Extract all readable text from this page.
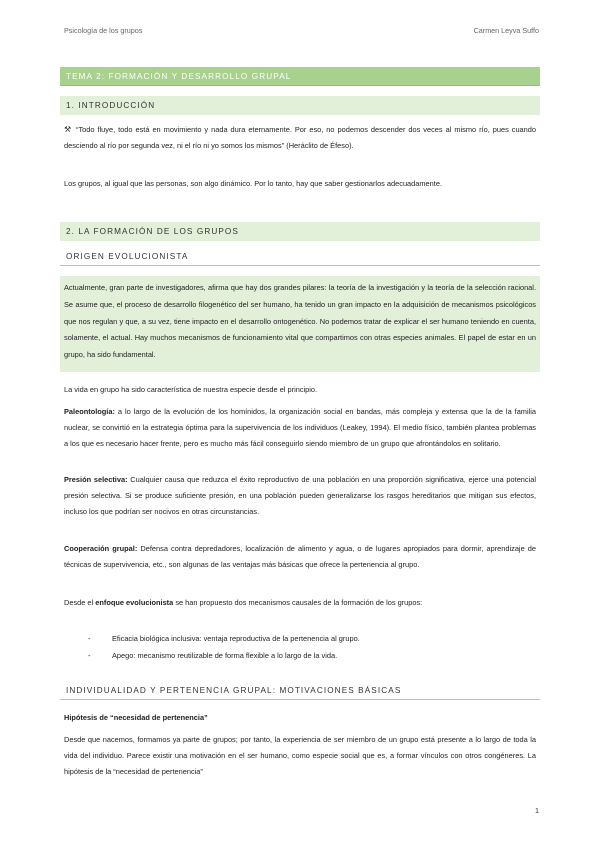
Psicología de los grupos	Carmen Leyva Suffo
TEMA 2: FORMACIÓN Y DESARROLLO GRUPAL
1. INTRODUCCIÓN

⚒ “Todo fluye, todo está en movimiento y nada dura eternamente. Por eso, no podemos descender dos veces al mismo río, pues cuando desciendo al río por segunda vez, ni el río ni yo somos los mismos” (Heráclito de Éfeso).

Los grupos, al igual que las personas, son algo dinámico. Por lo tanto, hay que saber gestionarlos adecuadamente.

2. LA FORMACIÓN DE LOS GRUPOS
ORIGEN EVOLUCIONISTA
Actualmente, gran parte de investigadores, afirma que hay dos grandes pilares: la teoría de la investigación y la teoría de la selección racional. Se asume que, el proceso de desarrollo filogenético del ser humano, ha tenido un gran impacto en la adquisición de mecanismos psicológicos que nos regulan y que, a su vez, tiene impacto en el desarrollo ontogenético. No podemos tratar de explicar el ser humano teniendo en cuenta, solamente, el actual. Hay muchos mecanismos de funcionamiento vital que compartimos con otras especies animales. El papel de estar en un grupo, ha sido fundamental.

La vida en grupo ha sido característica de nuestra especie desde el principio.

Paleontología: a lo largo de la evolución de los homínidos, la organización social en bandas, más compleja y extensa que la de la familia nuclear, se convirtió en la estrategia óptima para la supervivencia de los individuos (Leakey, 1994). El medio físico, también plantea problemas a los que es necesario hacer frente, pero es mucho más fácil conseguirlo siendo miembro de un grupo que afrontándolos en solitario.

Presión selectiva: Cualquier causa que reduzca el éxito reproductivo de una población en una proporción significativa, ejerce una potencial presión selectiva. Si se produce suficiente presión, en una población pueden generalizarse los rasgos hereditarios que mitigan sus efectos, incluso los que podrían ser nocivos en otras circunstancias.

Cooperación grupal: Defensa contra depredadores, localización de alimento y agua, o de lugares apropiados para dormir, aprendizaje de técnicas de supervivencia, etc., son algunas de las ventajas más básicas que ofrece la pertenencia al grupo.

Desde el enfoque evolucionista se han propuesto dos mecanismos causales de la formación de los grupos:

-	Eficacia biológica inclusiva: ventaja reproductiva de la pertenencia al grupo.
-	Apego: mecanismo reutilizable de forma flexible a lo largo de la vida.
INDIVIDUALIDAD Y PERTENENCIA GRUPAL: MOTIVACIONES BÁSICAS

Hipótesis de “necesidad de pertenencia”

Desde que nacemos, formamos ya parte de grupos; por tanto, la experiencia de ser miembro de un grupo está presente a lo largo de toda la vida del individuo. Parece existir una motivación en el ser humano, como especie social que es, a formar vínculos con otros congéneres. La hipótesis de la “necesidad de pertenencia”

1
